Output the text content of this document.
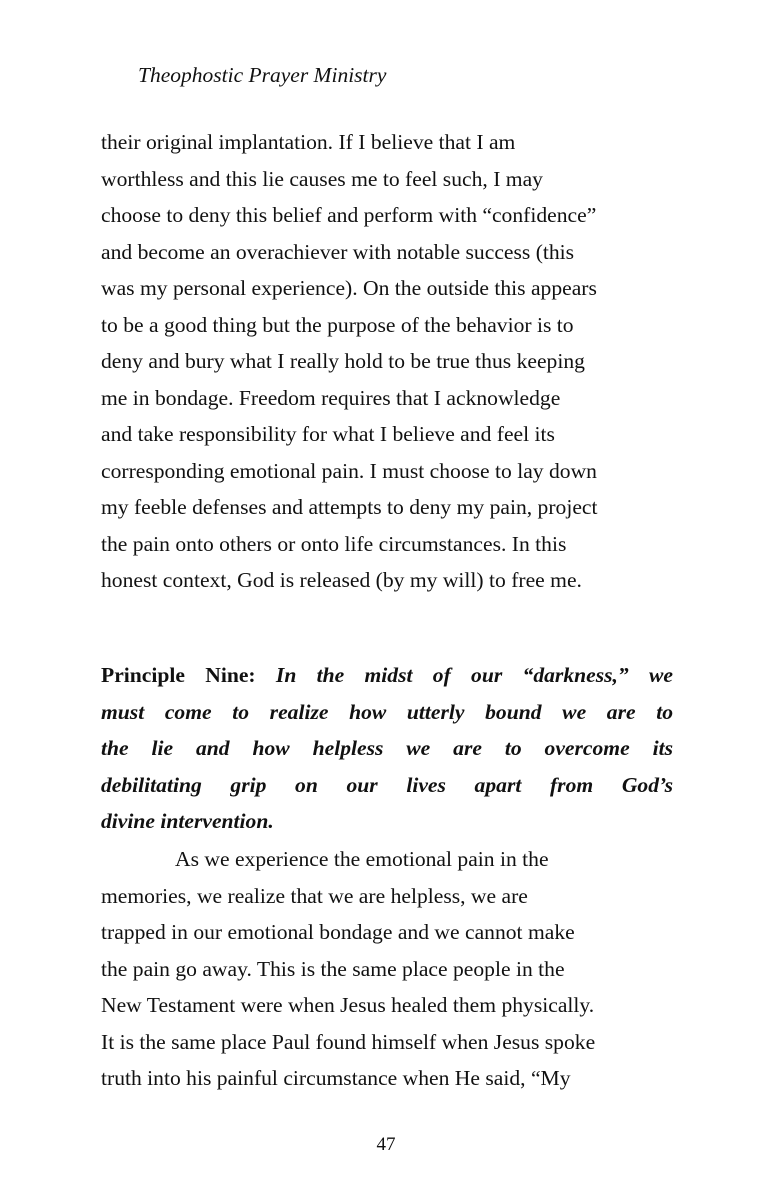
Theophostic Prayer Ministry
their original implantation. If I believe that I am
worthless and this lie causes me to feel such, I may
choose to deny this belief and perform with “confidence”
and become an overachiever with notable success (this
was my personal experience). On the outside this appears
to be a good thing but the purpose of the behavior is to
deny and bury what I really hold to be true thus keeping
me in bondage. Freedom requires that I acknowledge
and take responsibility for what I believe and feel its
corresponding emotional pain. I must choose to lay down
my feeble defenses and attempts to deny my pain, project
the pain onto others or onto life circumstances. In this
honest context, God is released (by my will) to free me.
Principle Nine: In the midst of our “darkness,” we
must come to realize how utterly bound we are to
the lie and how helpless we are to overcome its
debilitating grip on our lives apart from God’s
divine intervention.
As we experience the emotional pain in the
memories, we realize that we are helpless, we are
trapped in our emotional bondage and we cannot make
the pain go away. This is the same place people in the
New Testament were when Jesus healed them physically.
It is the same place Paul found himself when Jesus spoke
truth into his painful circumstance when He said, “My
47
